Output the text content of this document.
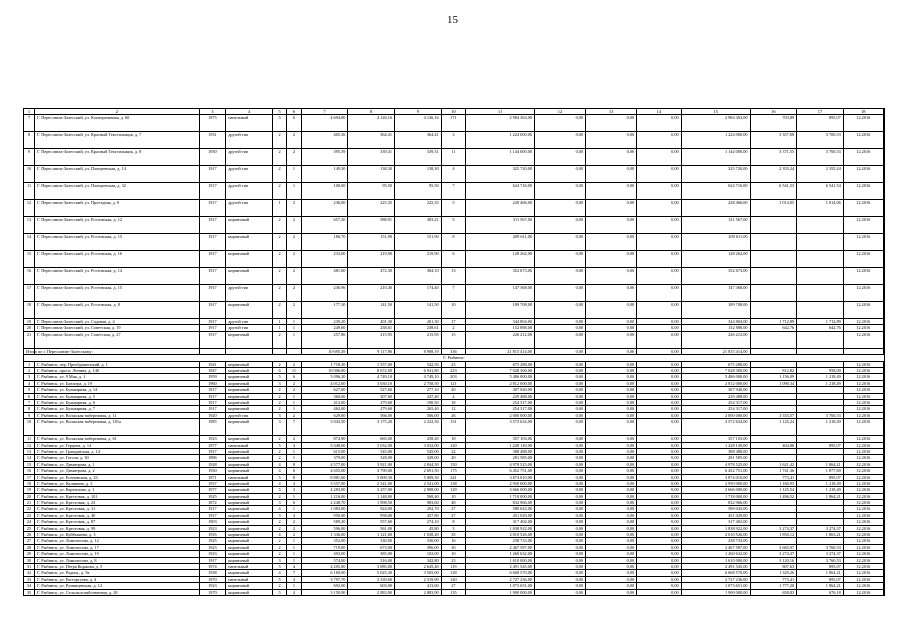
15
1	2	3	4	5	6	7	8	9	10	11	12	13	14	15	16	17	18	
7	Г. Переславль-Залесский, ул. Кооперативная, д. 60	1975	панельный	5	6	4 694,80	4 126,16	4 126,16	171	2 984 363,00	0,00	0,00	0,00	2 984 363,00	703,89	895,07	12.2016	
8	Г. Переславль-Залесский, ул. Красный Текстильщик, д. 7	1931	другой тип	2	2	405,36	364,41	364,41	3	1 224 000,00	0,00	0,00	0,00	1 224 000,00	3 357,08	3 700,53	12.2016	
9	Г. Переславль-Залесский, ул. Красный Текстильщик, д. 8	1930	другой тип	2	2	395,39	339,31	339,31	11	1 144 000,00	0,00	0,00	0,00	1 144 000,00	3 371,55	3 760,53	12.2016	
10	Г. Переславль-Залесский, ул. Плещеевская, д. 14	1917	другой тип	2	1	149,30	138,30	138,30	4	325 720,00	0,00	0,00	0,00	325 720,00	2 355,24	2 355,24	12.2016	
11	Г. Переславль-Залесский, ул. Плещеевская, д. 32	1917	другой тип	2	1	100,00	95,50	95,50	7	624 716,00	0,00	0,00	0,00	624 716,00	6 541,53	6 541,54	12.2016	
12	Г. Переславль-Залесский, ул. Проездная, д. 8	1917	другой тип	1	2	236,00	225,35	225,35	5	228 466,00	0,00	0,00	0,00	228 466,00	1 014,05	1 014,06	12.2016	
13	Г. Переславль-Залесский, ул. Ростовская, д. 12	1917	кирпичный	2	2	657,20	588,91	383,21	9	311 567,00	0,00	0,00	0,00	311 567,00			12.2016	
14	Г. Переславль-Залесский, ул. Ростовская, д. 15	1917	кирпичный	2	2	186,70	151,90	151,90	8	209 611,00	0,00	0,00	0,00	209 611,00			12.2016	
15	Г. Переславль-Залесский, ул. Ростовская, д. 16	1917	кирпичный	2	2	233,00	219,90	219,90	6	128 262,00	0,00	0,00	0,00	128 262,00			12.2016	
16	Г. Переславль-Залесский, ул. Ростовская, д. 14	1917	кирпичный	2	2	481,60	472,30	384,10	13	352 673,00	0,00	0,00	0,00	352 673,00			12.2016	
17	Г. Переславль-Залесский, ул. Ростовская, д. 15	1917	другой тип	2	2	236,96	210,40	174,40	7	147 368,00	0,00	0,00	0,00	147 368,00			12.2016	
18	Г. Переславль-Залесский, ул. Ростовская, д. 8	1917	кирпичный	2	2	177,30	141,50	141,50	10	189 708,00	0,00	0,00	0,00	189 708,00			12.2016	
19	Г. Переславль-Залесский, ул. Садовая, д. 4	1917	другой тип	1	1	239,20	201,30	201,30	17	344 804,00	0,00	0,00	0,00	344 804,00	1 712,89	1 712,89	12.2016	
20	Г. Переславль-Залесский, ул. Советская, д. 19	1917	другой тип	1	1	249,60	238,61	238,61	2	152 888,00	0,00	0,00	0,00	152 888,00	642,76	642,76	12.2016	
21	Г. Переславль-Залесский, ул. Советская, д. 27	1917	кирпичный	2	1	257,86	215,95	215,95	15	226 212,00	0,00	0,00	0,00	226 212,00			12.2016	
Итого по г. Переславлю-Залесскому:						10 695,49	9 117,86	8 908,19	336	21 815 414,00	0,00	0,00	0,00	21 815 414,00				
Г. Рыбинск:																		
1	Г. Рыбинск, пер. Преображенский, д. 1	1941	кирпичный	2	2	1 718,30	1 557,00	542,50	23	675 288,00	0,00	0,00	0,00	675 288,00			12.2016	
2	Г. Рыбинск, просп. Ленина, д. 146	1947	кирпичный	6	11	10 006,00	8 672,00	6 941,80	223	7 028 300,00	0,00	0,00	0,00	7 028 300,00	812,82	958,00	12.2016	
3	Г. Рыбинск, ул. 9 Мая, д. 1	1959	кирпичный	5	6	5 096,20	4 749,10	4 749,10	203	5 486 000,00	0,00	0,00	0,00	5 486 000,00	1 156,09	1 218,49	12.2016	
4	Г. Рыбинск, ул. Блюхера, д. 19	1960	кирпичный	3	2	4 012,00	3 630,10	2 758,50	121	2 812 000,00	0,00	0,00	0,00	2 812 000,00	1 090,34	1 218,49	12.2016	
5	Г. Рыбинск, ул. Бульварная, д. 14	1917	кирпичный	2	2	627,00	527,60	277,10	20	307 940,00	0,00	0,00	0,00	307 940,00			12.2016	
6	Г. Рыбинск, ул. Бульварная, д. 5	1917	кирпичный	2	1	360,00	307,60	247,40	4	229 488,00	0,00	0,00	0,00	229 488,00			12.2016	
7	Г. Рыбинск, ул. Бульварная, д. 6	1917	кирпичный	2	1	413,00	279,60	190,50	18	254 317,00	0,00	0,00	0,00	254 317,00			12.2016	
8	Г. Рыбинск, ул. Бульварная, д. 7	1917	кирпичный	2	1	462,00	279,60	265,40	12	254 317,00	0,00	0,00	0,00	254 317,00			12.2016	
9	Г. Рыбинск, ул. Волжская набережная, д. 11	1920	другой тип	3	2	629,00	566,00	566,00	26	2 000 000,00	0,00	0,00	0,00	2 000 000,00	3 533,57	3 760,53	12.2016	
10	Г. Рыбинск, ул. Волжская набережная, д. 181а	1985	кирпичный	3	7	3 943,50	3 175,20	2 222,50	131	3 572 634,00	0,00	0,00	0,00	3 572 634,00	1 125,24	1 218,49	12.2016	
11	Г. Рыбинск, ул. Волжская набережная, д. 61	1923	кирпичный	2	2	874,90	665,00	258,20	18	357 103,00	0,00	0,00	0,00	357 103,00			12.2016	
12	Г. Рыбинск, ул. Герцена, д. 14	1977	панельный	5	4	3 348,00	3 032,00	3 032,00	120	1 228 149,00	0,00	0,00	0,00	1 228 149,00	404,86	895,07	12.2016	
13	Г. Рыбинск, ул. Гражданская, д. 14	1917	кирпичный	2	1	615,00	545,00	545,00	22	388 488,00	0,00	0,00	0,00	388 488,00			12.2016	
14	Г. Рыбинск, ул. Гоголя, д. 30	1886	кирпичный	2	1	379,00	328,00	328,00	20	281 585,00	0,00	0,00	0,00	281 585,00			12.2016	
15	Г. Рыбинск, ул. Димитрова, д. 1	1928	кирпичный	4	8	4 577,00	3 921,00	2 844,50	150	4 978 525,00	0,00	0,00	0,00	4 978 525,00	1 621,42	1 864,21	12.2016	
16	Г. Рыбинск, ул. Димитрова, д. 2	1930	кирпичный	4	6	4 655,00	3 790,00	2 691,50	175	6 452 751,00	0,00	0,00	0,00	6 452 751,00	1 741,36	1 877,69	12.2016	
17	Г. Рыбинск, ул. Есенинская, д. 23	1971	панельный	5	8	8 881,60	5 009,30	5 009,30	341	3 874 010,00	0,00	0,00	0,00	3 874 010,00	773,41	895,07	12.2016	
18	Г. Рыбинск, ул. Калинина, д. 3	1937	кирпичный	4	4	3 557,00	2 541,00	2 541,00	138	2 950 000,00	0,00	0,00	0,00	2 950 000,00	1 160,93	1 218,49	12.2016	
19	Г. Рыбинск, ул. Карташова, д. 1	1977	кирпичный	5	3	4 283,00	3 257,00	2 908,00	129	3 666 000,00	0,00	0,00	0,00	3 666 000,00	1 125,54	1 218,49	12.2016	
20	Г. Рыбинск, ул. Крестовая, д. 101	1925	кирпичный	2	1	1 216,00	1 148,00	568,40	10	1 718 000,00	0,00	0,00	0,00	1 718 000,00	1 496,52	1 864,21	12.2016	
21	Г. Рыбинск, ул. Крестовая, д. 23	1872	кирпичный	3	6	2 248,70	1 998,50	983,60	48	832 966,00	0,00	0,00	0,00	832 966,00			12.2016	
22	Г. Рыбинск, ул. Крестовая, д. 31	1917	кирпичный	4	1	1 083,00	924,00	292,70	27	589 043,00	0,00	0,00	0,00	589 043,00			12.2016	
23	Г. Рыбинск, ул. Крестовая, д. 40	1917	кирпичный	3	4	950,00	958,00	457,80	27	451 029,00	0,00	0,00	0,00	451 029,00			12.2016	
24	Г. Рыбинск, ул. Крестовая, д. 87	1903	кирпичный	2	2	589,20	557,60	274,10	8	317 402,00	0,00	0,00	0,00	317 402,00			12.2016	
25	Г. Рыбинск, ул. Крестовая, д. 99	1923	кирпичный	2	2	596,00	561,00	45,80	3	1 838 922,00	0,00	0,00	0,00	1 838 922,00	3 274,37	3 274,37	12.2016	
26	Г. Рыбинск, ул. Куйбышева, д. 3	1935	кирпичный	4	2	1 336,00	1 121,00	1 038,20	35	2 010 526,00	0,00	0,00	0,00	2 010 526,00	1 850,12	1 863,21	12.2016	
27	Г. Рыбинск, ул. Ломоносова, д. 12	1925	кирпичный	2	1	352,00	330,00	330,00	16	238 733,00	0,00	0,00	0,00	238 733,00			12.2016	
28	Г. Рыбинск, ул. Ломоносова, д. 17	1923	кирпичный	2	1	719,00	673,00	396,00	30	2 467 587,00	0,00	0,00	0,00	2 467 587,00	3 665,97	3 760,53	12.2016	
29	Г. Рыбинск, ул. Ломоносова, д. 19	1923	кирпичный	2	1	403,00	385,00	102,00	10	1 260 632,00	0,00	0,00	0,00	1 260 632,00	3 274,37	3 274,37	12.2016	
30	Г. Рыбинск, ул. Ломоносова, д. 8	1917	кирпичный	3	1	574,00	516,00	342,80	23	1 610 000,00	0,00	0,00	0,00	1 610 000,00	3 120,16	3 760,53	12.2016	
31	Г. Рыбинск, ул. Петра Коржова, д. 5	1974	панельный	5	4	4 205,00	3 085,00	2 645,40	119	2 491 545,00	0,00	0,00	0,00	2 491 545,00	807,63	895,07	12.2016	
32	Г. Рыбинск, ул. Радищ., д. 9а	1938	кирпичный	4	7	6 169,00	5 025,30	3 565,00	128	6 668 570,00	0,00	0,00	0,00	6 668 570,00	1 329,26	1 864,21	12.2016	
33	Г. Рыбинск, ул. Расторгуева, д. 4	1970	панельный	5	4	3 797,70	3 339,60	2 319,90	140	2 727 236,00	0,00	0,00	0,00	2 727 236,00	773,41	895,07	12.2016	
34	Г. Рыбинск, ул. Румянцевская, д. 12	1923	кирпичный	2	1	692,00	603,00	413,60	27	1 073 651,00	0,00	0,00	0,00	1 073 651,00	1 777,20	1 864,21	12.2016	
35	Г. Рыбинск, ул. Сельскохозяйственная, д. 28	1970	кирпичный	5	4	3 150,90	2 883,90	2 883,90	135	1 900 000,00	0,00	0,00	0,00	1 900 000,00	658,83	676,18	12.2016	
